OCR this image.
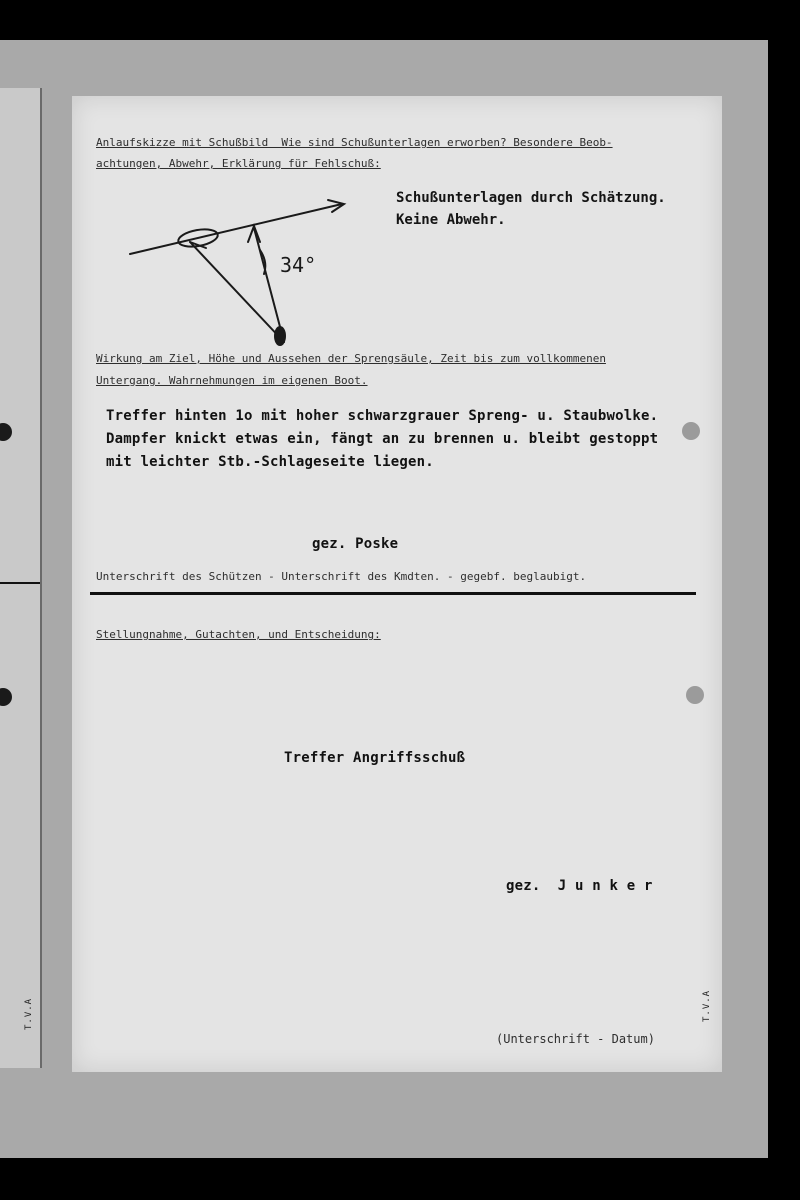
T.V.A	T.V.A
Anlaufskizze mit Schußbild  Wie sind Schußunterlagen erworben? Besondere Beob-
achtungen, Abwehr, Erklärung für Fehlschuß:
Schußunterlagen durch Schätzung.
Keine Abwehr.
34°
Wirkung am Ziel, Höhe und Aussehen der Sprengsäule, Zeit bis zum vollkommenen
Untergang. Wahrnehmungen im eigenen Boot.
Treffer hinten 1o mit hoher schwarzgrauer Spreng- u. Staubwolke.
Dampfer knickt etwas ein, fängt an zu brennen u. bleibt gestoppt
mit leichter Stb.-Schlageseite liegen.
gez. Poske
Unterschrift des Schützen - Unterschrift des Kmdten. - gegebf. beglaubigt.
Stellungnahme, Gutachten, und Entscheidung:
Treffer Angriffsschuß
gez.  J u n k e r
(Unterschrift - Datum)
